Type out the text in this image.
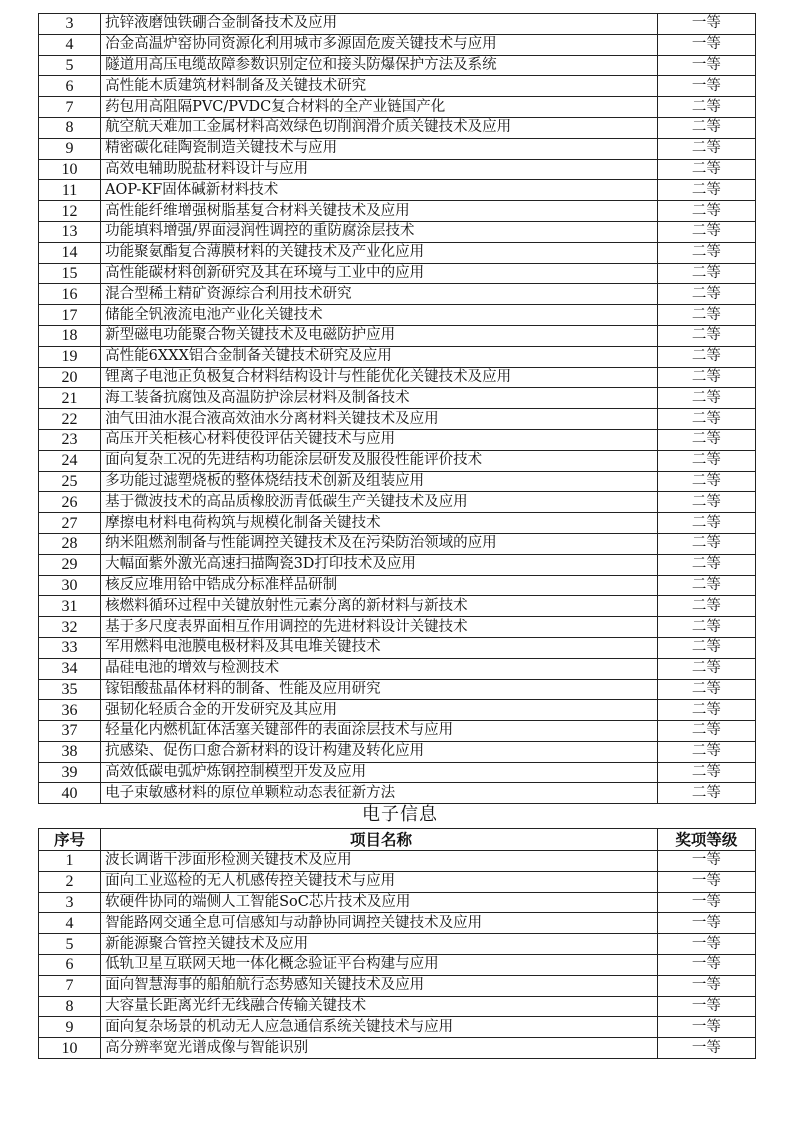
3	抗锌液磨蚀铁硼合金制备技术及应用	一等
4	冶金高温炉窑协同资源化利用城市多源固危废关键技术与应用	一等
5	隧道用高压电缆故障参数识别定位和接头防爆保护方法及系统	一等
6	高性能木质建筑材料制备及关键技术研究	一等
7	药包用高阻隔PVC/PVDC复合材料的全产业链国产化	二等
8	航空航天难加工金属材料高效绿色切削润滑介质关键技术及应用	二等
9	精密碳化硅陶瓷制造关键技术与应用	二等
10	高效电辅助脱盐材料设计与应用	二等
11	AOP-KF固体碱新材料技术	二等
12	高性能纤维增强树脂基复合材料关键技术及应用	二等
13	功能填料增强/界面浸润性调控的重防腐涂层技术	二等
14	功能聚氨酯复合薄膜材料的关键技术及产业化应用	二等
15	高性能碳材料创新研究及其在环境与工业中的应用	二等
16	混合型稀土精矿资源综合利用技术研究	二等
17	储能全钒液流电池产业化关键技术	二等
18	新型磁电功能聚合物关键技术及电磁防护应用	二等
19	高性能6XXX铝合金制备关键技术研究及应用	二等
20	锂离子电池正负极复合材料结构设计与性能优化关键技术及应用	二等
21	海工装备抗腐蚀及高温防护涂层材料及制备技术	二等
22	油气田油水混合液高效油水分离材料关键技术及应用	二等
23	高压开关柜核心材料使役评估关键技术与应用	二等
24	面向复杂工况的先进结构功能涂层研发及服役性能评价技术	二等
25	多功能过滤塑烧板的整体烧结技术创新及组装应用	二等
26	基于微波技术的高品质橡胶沥青低碳生产关键技术及应用	二等
27	摩擦电材料电荷构筑与规模化制备关键技术	二等
28	纳米阻燃剂制备与性能调控关键技术及在污染防治领域的应用	二等
29	大幅面紫外激光高速扫描陶瓷3D打印技术及应用	二等
30	核反应堆用铪中锆成分标准样品研制	二等
31	核燃料循环过程中关键放射性元素分离的新材料与新技术	二等
32	基于多尺度表界面相互作用调控的先进材料设计关键技术	二等
33	军用燃料电池膜电极材料及其电堆关键技术	二等
34	晶硅电池的增效与检测技术	二等
35	镓铝酸盐晶体材料的制备、性能及应用研究	二等
36	强韧化轻质合金的开发研究及其应用	二等
37	轻量化内燃机缸体活塞关键部件的表面涂层技术与应用	二等
38	抗感染、促伤口愈合新材料的设计构建及转化应用	二等
39	高效低碳电弧炉炼钢控制模型开发及应用	二等
40	电子束敏感材料的原位单颗粒动态表征新方法	二等
电子信息
序号	项目名称	奖项等级
1	波长调谐干涉面形检测关键技术及应用	一等
2	面向工业巡检的无人机感传控关键技术与应用	一等
3	软硬件协同的端侧人工智能SoC芯片技术及应用	一等
4	智能路网交通全息可信感知与动静协同调控关键技术及应用	一等
5	新能源聚合管控关键技术及应用	一等
6	低轨卫星互联网天地一体化概念验证平台构建与应用	一等
7	面向智慧海事的船舶航行态势感知关键技术及应用	一等
8	大容量长距离光纤无线融合传输关键技术	一等
9	面向复杂场景的机动无人应急通信系统关键技术与应用	一等
10	高分辨率宽光谱成像与智能识别	一等
